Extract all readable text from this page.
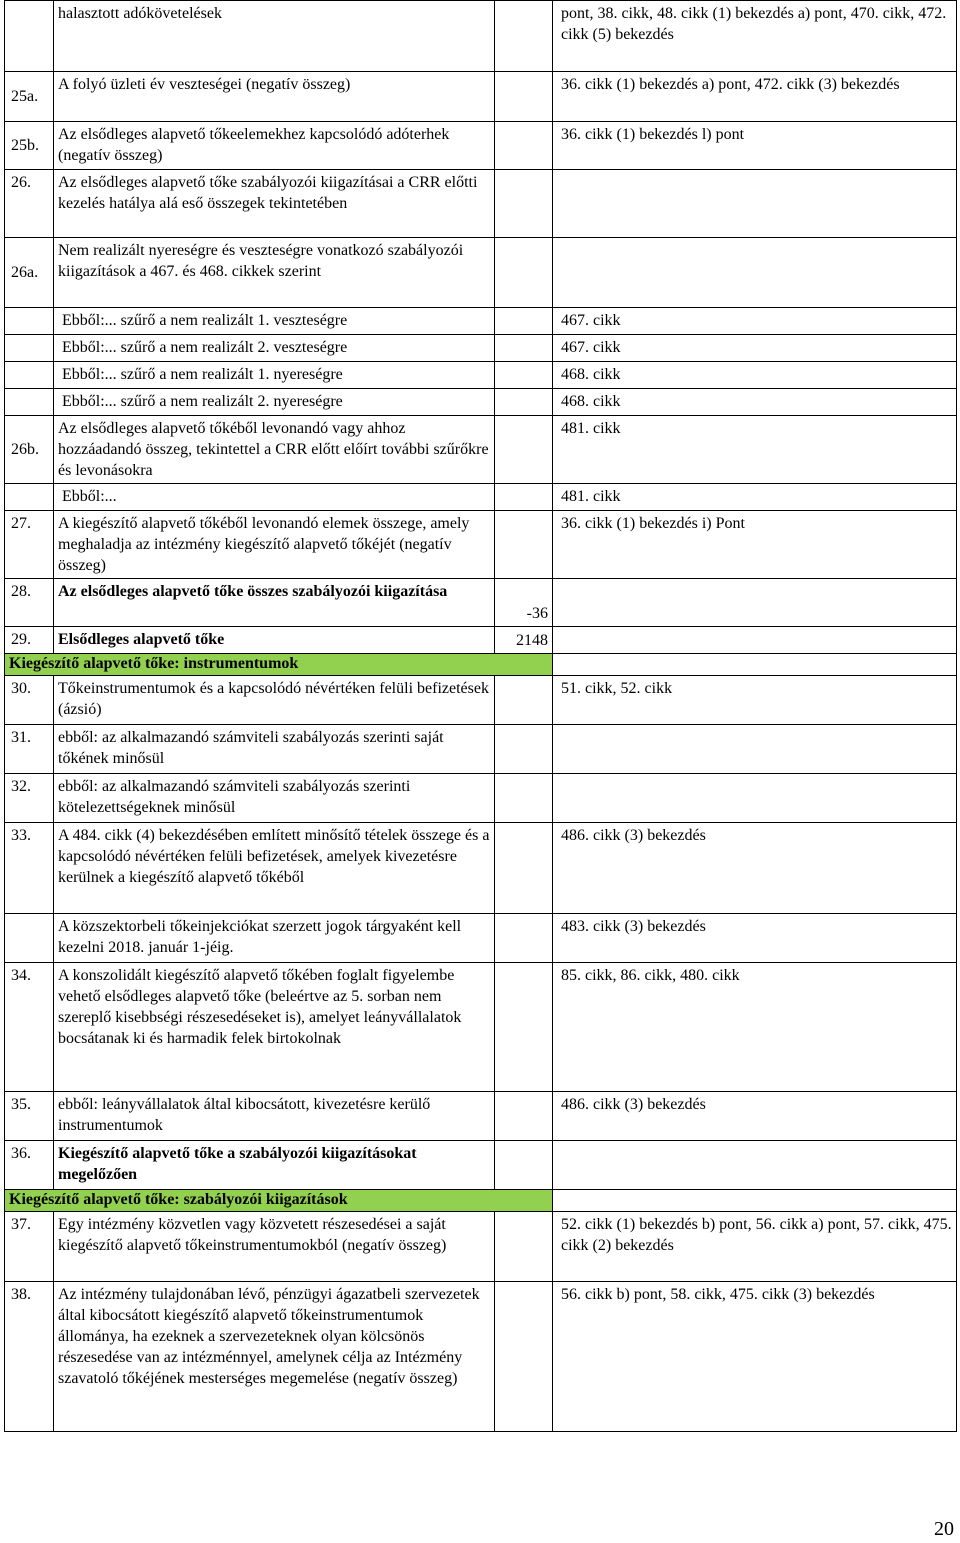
	halasztott adókövetelések		pont, 38. cikk, 48. cikk (1) bekezdés a) pont, 470. cikk, 472. cikk (5) bekezdés
25a.	A folyó üzleti év veszteségei (negatív összeg)		36. cikk (1) bekezdés a) pont, 472. cikk (3) bekezdés
25b.	Az elsődleges alapvető tőkeelemekhez kapcsolódó adóterhek (negatív összeg)		36. cikk (1) bekezdés l) pont
26.	Az elsődleges alapvető tőke szabályozói kiigazításai a CRR előtti kezelés hatálya alá eső összegek tekintetében		
26a.	Nem realizált nyereségre és veszteségre vonatkozó szabályozói kiigazítások a 467. és 468. cikkek szerint		
	Ebből:... szűrő a nem realizált 1. veszteségre		467. cikk
	Ebből:... szűrő a nem realizált 2. veszteségre		467. cikk
	Ebből:... szűrő a nem realizált 1. nyereségre		468. cikk
	Ebből:... szűrő a nem realizált 2. nyereségre		468. cikk
26b.	Az elsődleges alapvető tőkéből levonandó vagy ahhoz hozzáadandó összeg, tekintettel a CRR előtt előírt további szűrőkre és levonásokra		481. cikk
	Ebből:...		481. cikk
27.	A kiegészítő alapvető tőkéből levonandó elemek összege, amely meghaladja az intézmény kiegészítő alapvető tőkéjét (negatív összeg)		36. cikk (1) bekezdés i) Pont
28.	Az elsődleges alapvető tőke összes szabályozói kiigazítása	-36	
29.	Elsődleges alapvető tőke	2148	
Kiegészítő alapvető tőke: instrumentumok			
30.	Tőkeinstrumentumok és a kapcsolódó névértéken felüli befizetések (ázsió)		51. cikk, 52. cikk
31.	ebből: az alkalmazandó számviteli szabályozás szerinti saját tőkének minősül		
32.	ebből: az alkalmazandó számviteli szabályozás szerinti kötelezettségeknek minősül		
33.	A 484. cikk (4) bekezdésében említett minősítő tételek összege és a kapcsolódó névértéken felüli befizetések, amelyek kivezetésre kerülnek a kiegészítő alapvető tőkéből		486. cikk (3) bekezdés
	A közszektorbeli tőkeinjekciókat szerzett jogok tárgyaként kell kezelni 2018. január 1-jéig.		483. cikk (3) bekezdés
34.	A konszolidált kiegészítő alapvető tőkében foglalt figyelembe vehető elsődleges alapvető tőke (beleértve az 5. sorban nem szereplő kisebbségi részesedéseket is), amelyet leányvállalatok bocsátanak ki és harmadik felek birtokolnak		85. cikk, 86. cikk, 480. cikk
35.	ebből: leányvállalatok által kibocsátott, kivezetésre kerülő instrumentumok		486. cikk (3) bekezdés
36.	Kiegészítő alapvető tőke a szabályozói kiigazításokat megelőzően		
Kiegészítő alapvető tőke: szabályozói kiigazítások			
37.	Egy intézmény közvetlen vagy közvetett részesedései a saját kiegészítő alapvető tőkeinstrumentumokból (negatív összeg)		52. cikk (1) bekezdés b) pont, 56. cikk a) pont, 57. cikk, 475. cikk (2) bekezdés
38.	Az intézmény tulajdonában lévő, pénzügyi ágazatbeli szervezetek által kibocsátott kiegészítő alapvető tőkeinstrumentumok állománya, ha ezeknek a szervezeteknek olyan kölcsönös részesedése van az intézménnyel, amelynek célja az Intézmény szavatoló tőkéjének mesterséges megemelése (negatív összeg)		56. cikk b) pont, 58. cikk, 475. cikk (3) bekezdés
20
